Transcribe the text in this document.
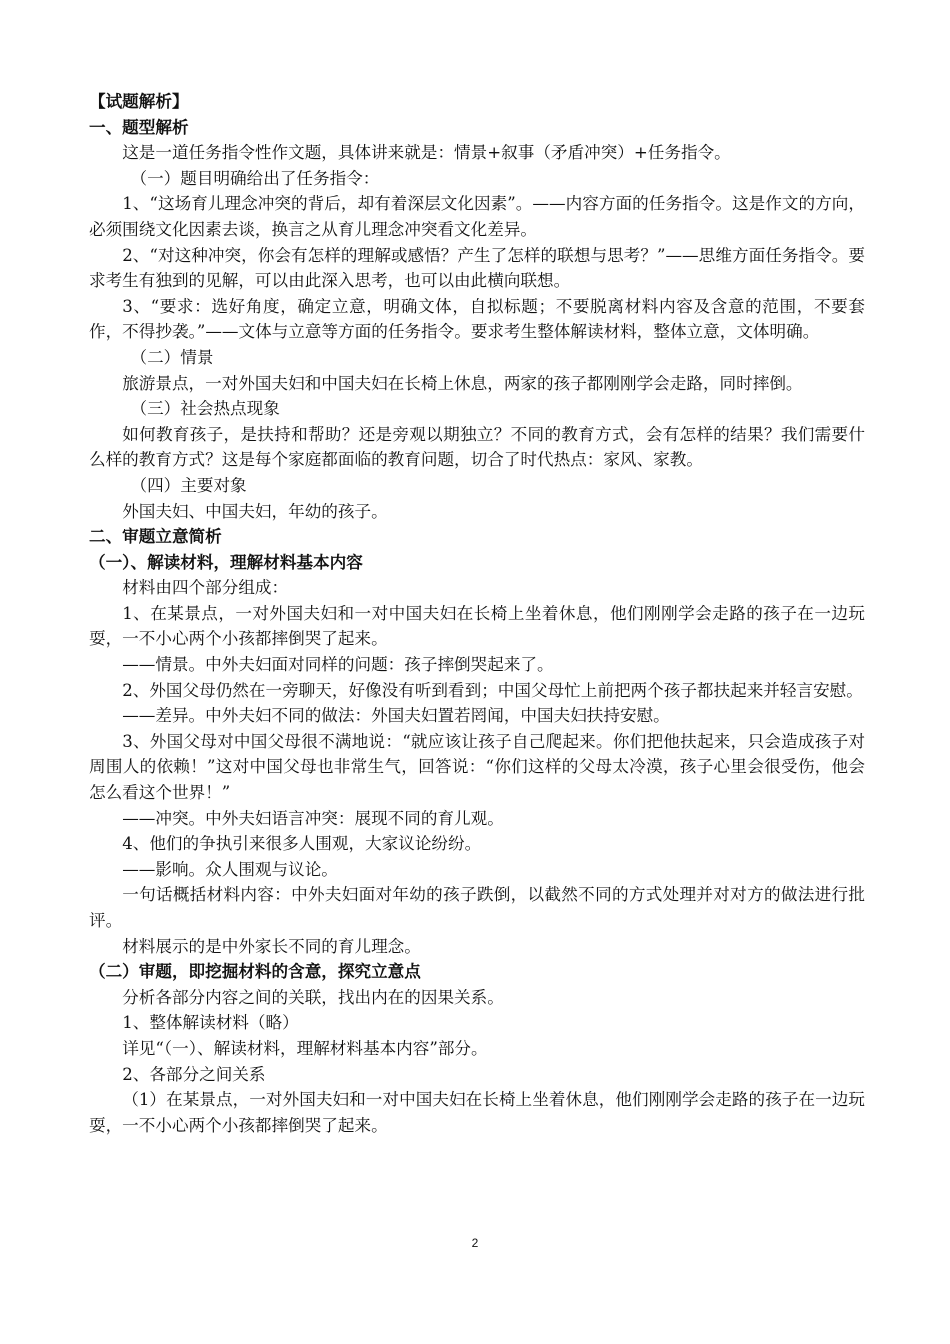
【试题解析】

一、题型解析

这是一道任务指令性作文题，具体讲来就是：情景+叙事（矛盾冲突）+任务指令。

（一）题目明确给出了任务指令：

1、“这场育儿理念冲突的背后，却有着深层文化因素”。——内容方面的任务指令。这是作文的方向，必须围绕文化因素去谈，换言之从育儿理念冲突看文化差异。

2、“对这种冲突，你会有怎样的理解或感悟？产生了怎样的联想与思考？”——思维方面任务指令。要求考生有独到的见解，可以由此深入思考，也可以由此横向联想。

3、“要求：选好角度，确定立意，明确文体，自拟标题；不要脱离材料内容及含意的范围，不要套作，不得抄袭。”——文体与立意等方面的任务指令。要求考生整体解读材料，整体立意，文体明确。

（二）情景

旅游景点，一对外国夫妇和中国夫妇在长椅上休息，两家的孩子都刚刚学会走路，同时摔倒。

（三）社会热点现象

如何教育孩子，是扶持和帮助？还是旁观以期独立？不同的教育方式，会有怎样的结果？我们需要什么样的教育方式？这是每个家庭都面临的教育问题，切合了时代热点：家风、家教。

（四）主要对象

外国夫妇、中国夫妇，年幼的孩子。

二、审题立意简析

（一）、解读材料，理解材料基本内容

材料由四个部分组成：

1、在某景点，一对外国夫妇和一对中国夫妇在长椅上坐着休息，他们刚刚学会走路的孩子在一边玩耍，一不小心两个小孩都摔倒哭了起来。

——情景。中外夫妇面对同样的问题：孩子摔倒哭起来了。

2、外国父母仍然在一旁聊天，好像没有听到看到；中国父母忙上前把两个孩子都扶起来并轻言安慰。

——差异。中外夫妇不同的做法：外国夫妇置若罔闻，中国夫妇扶持安慰。

3、外国父母对中国父母很不满地说：“就应该让孩子自己爬起来。你们把他扶起来，只会造成孩子对周围人的依赖！”这对中国父母也非常生气，回答说：“你们这样的父母太冷漠，孩子心里会很受伤，他会怎么看这个世界！”

——冲突。中外夫妇语言冲突：展现不同的育儿观。

4、他们的争执引来很多人围观，大家议论纷纷。

——影响。众人围观与议论。

一句话概括材料内容：中外夫妇面对年幼的孩子跌倒，以截然不同的方式处理并对对方的做法进行批评。

材料展示的是中外家长不同的育儿理念。

（二）审题，即挖掘材料的含意，探究立意点

分析各部分内容之间的关联，找出内在的因果关系。

1、整体解读材料（略）

详见“（一）、解读材料，理解材料基本内容”部分。

2、各部分之间关系

（1）在某景点，一对外国夫妇和一对中国夫妇在长椅上坐着休息，他们刚刚学会走路的孩子在一边玩耍，一不小心两个小孩都摔倒哭了起来。

2
